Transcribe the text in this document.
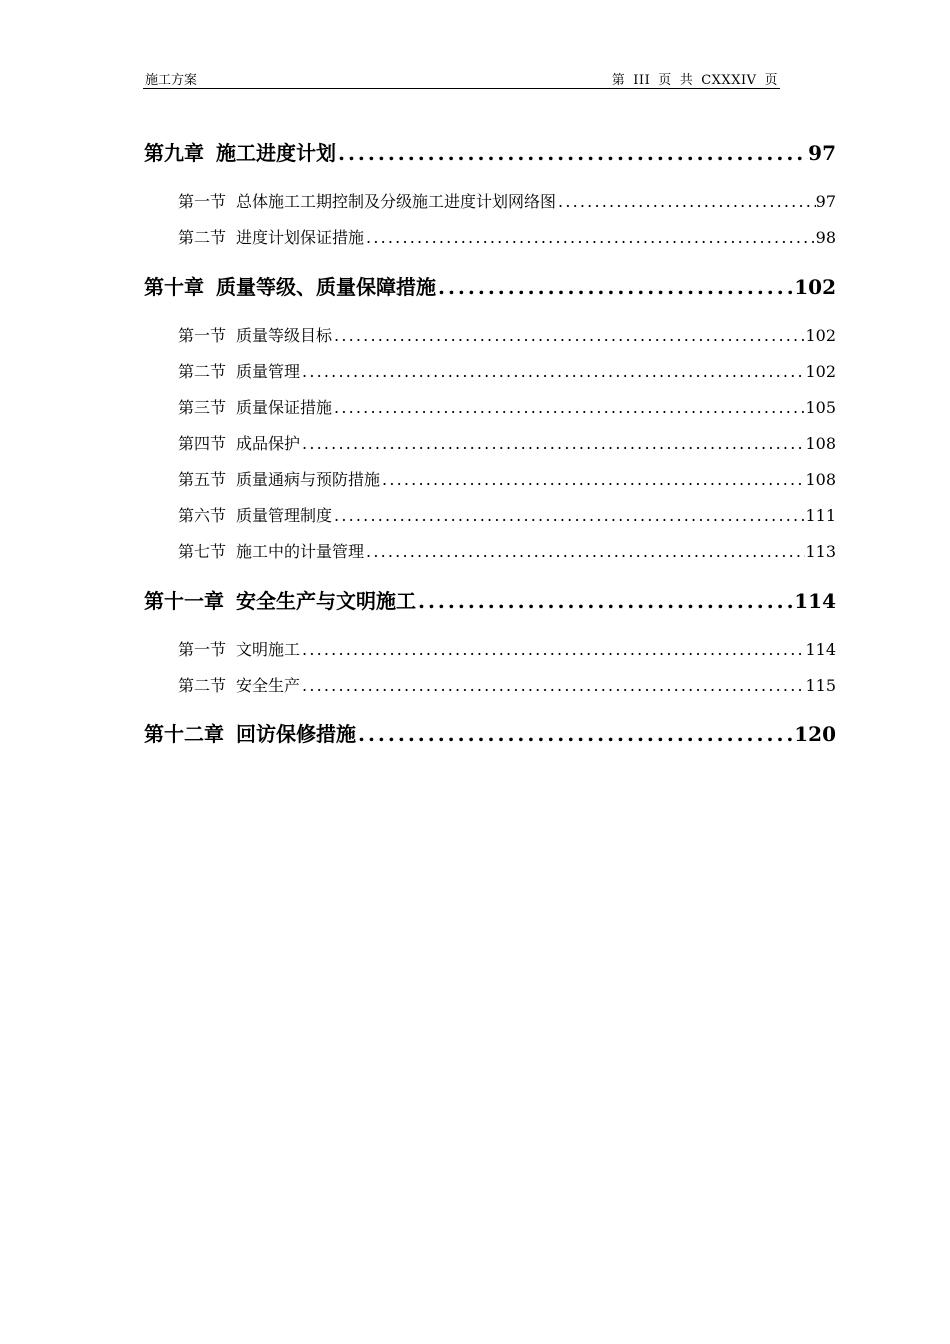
施工方案	第 III 页 共 CXXXIV 页
第九章 施工进度计划 .....	97
第一节 总体施工工期控制及分级施工进度计划网络图 .....	97
第二节 进度计划保证措施 .....	98
第十章 质量等级、质量保障措施 .....	102
第一节 质量等级目标 .....	102
第二节 质量管理 .....	102
第三节 质量保证措施 .....	105
第四节 成品保护 .....	108
第五节 质量通病与预防措施 .....	108
第六节 质量管理制度 .....	111
第七节 施工中的计量管理 .....	113
第十一章 安全生产与文明施工 .....	114
第一节 文明施工 .....	114
第二节 安全生产 .....	115
第十二章 回访保修措施 .....	120
